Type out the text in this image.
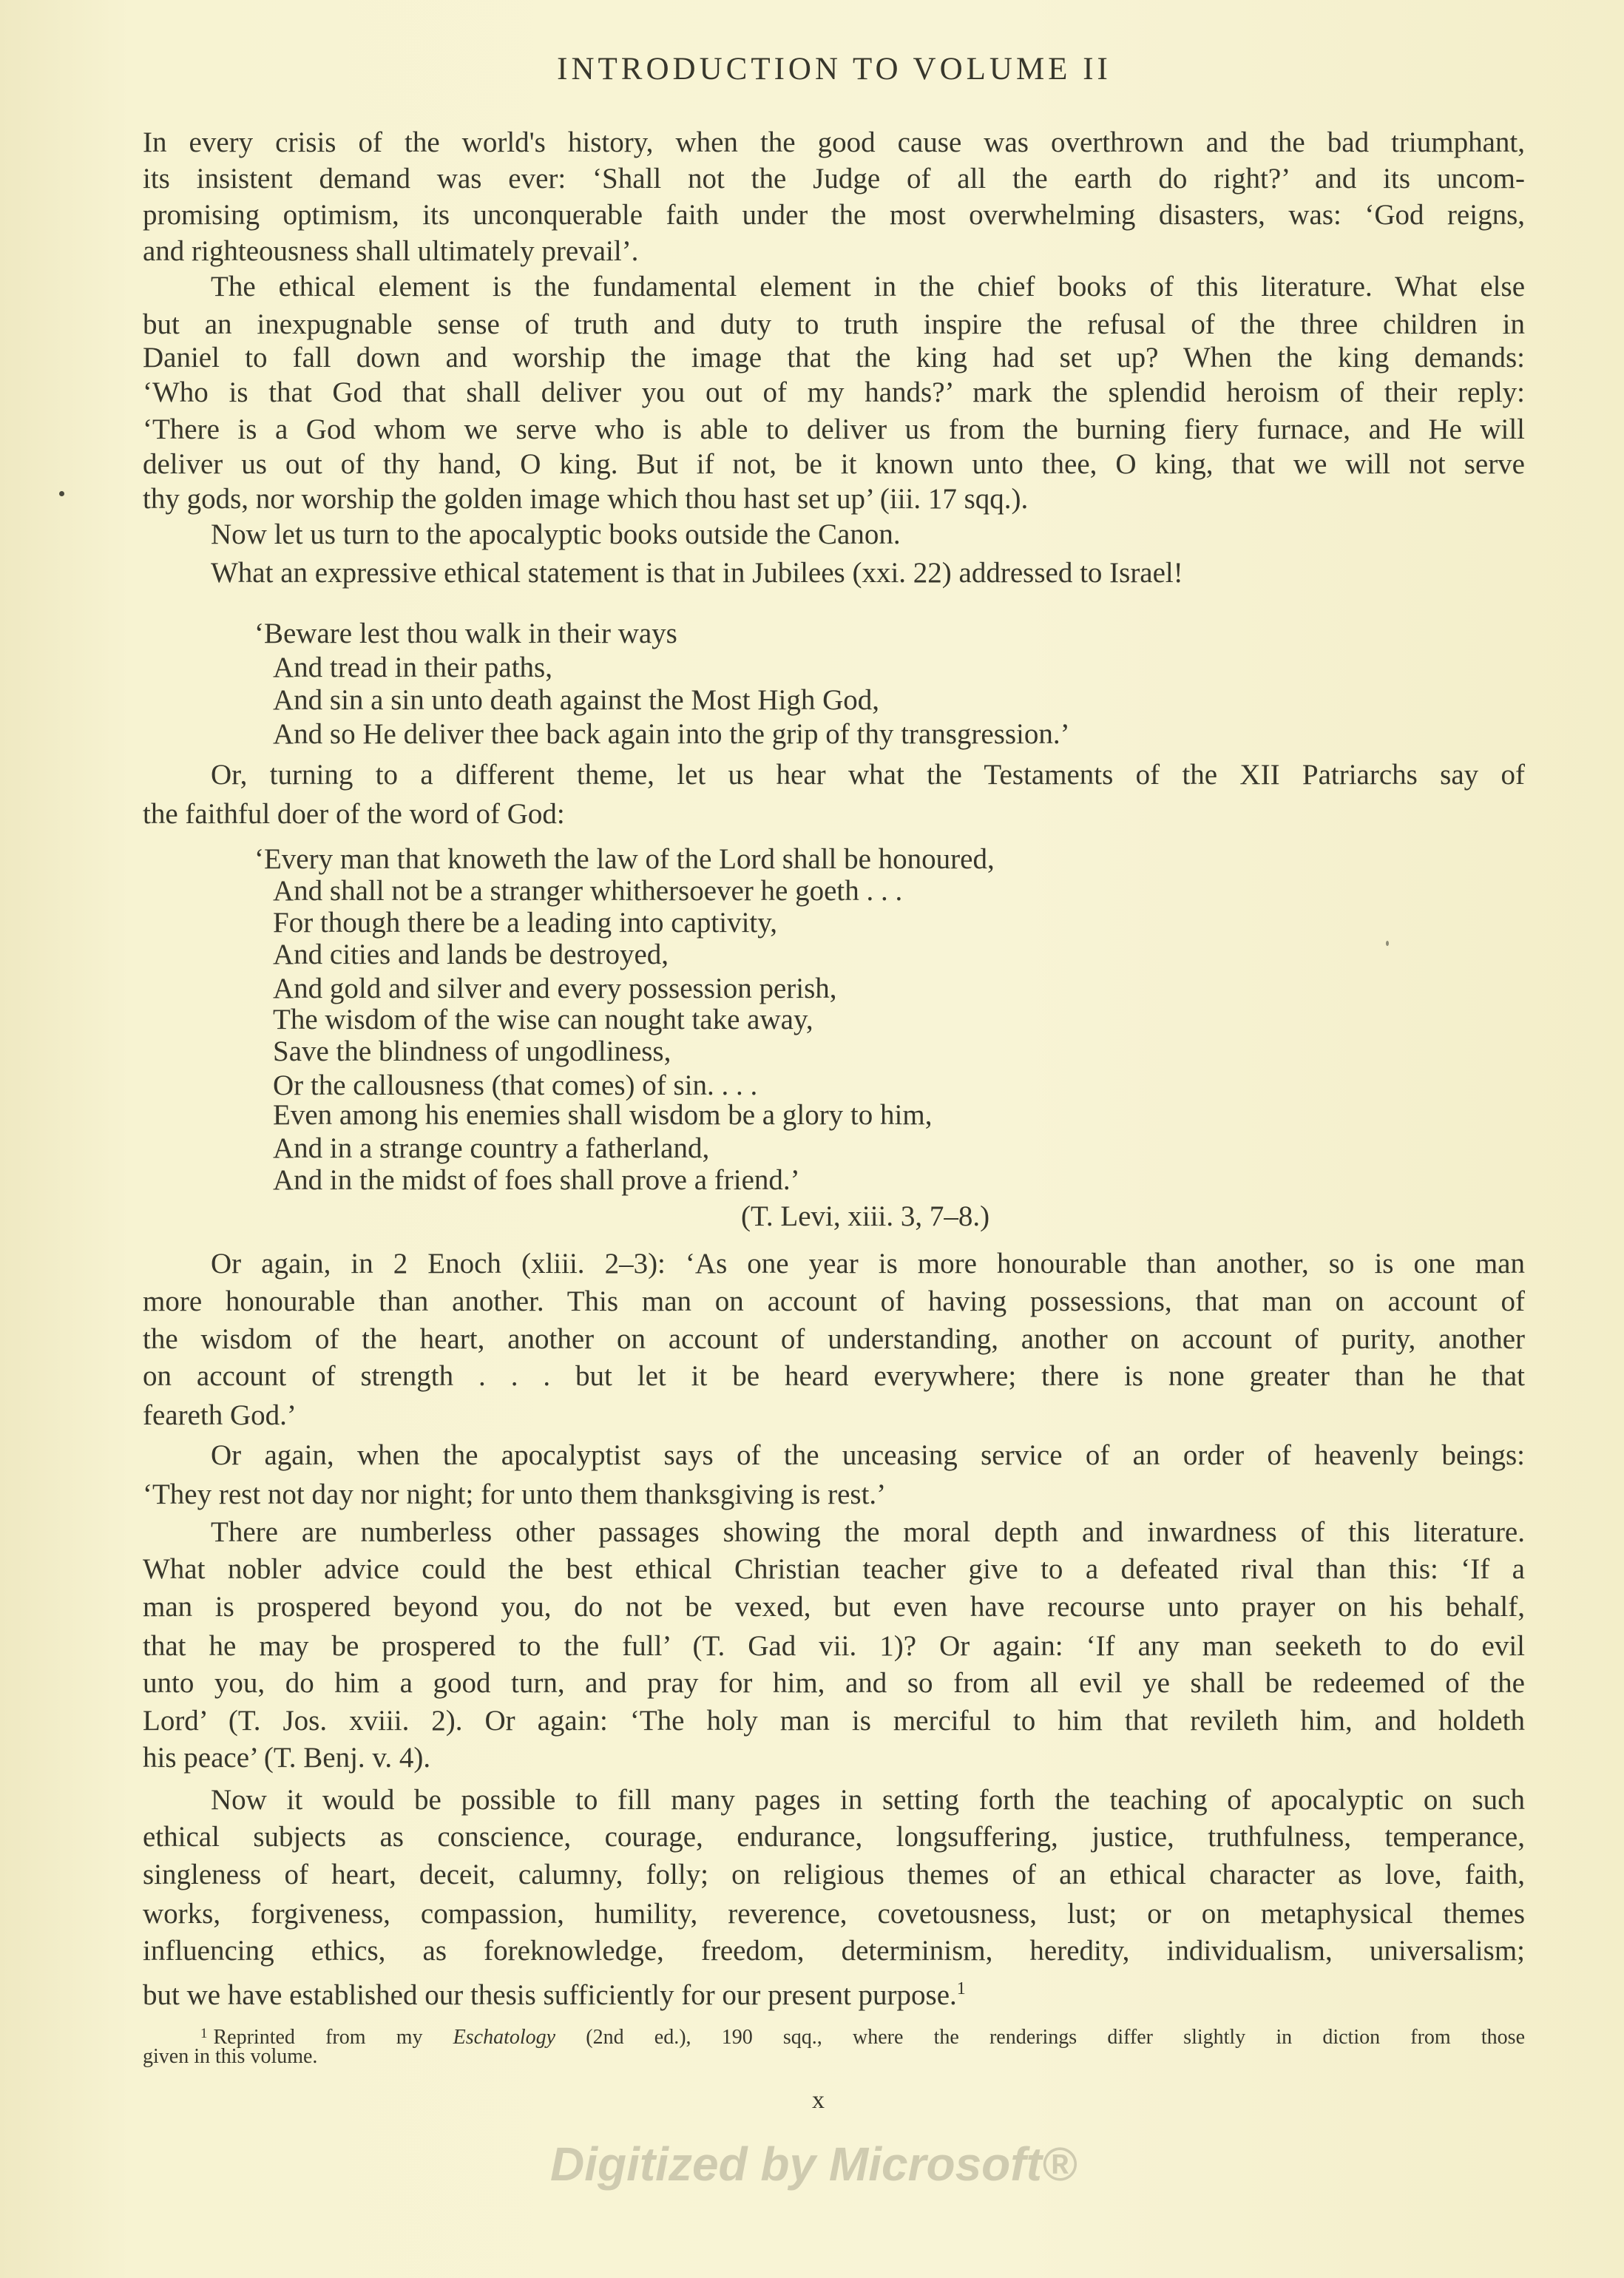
INTRODUCTION TO VOLUME II
In every crisis of the world's history, when the good cause was overthrown and the bad triumphant,
its insistent demand was ever: ‘Shall not the Judge of all the earth do right?’ and its uncom-
promising optimism, its unconquerable faith under the most overwhelming disasters, was: ‘God reigns,
and righteousness shall ultimately prevail’.
The ethical element is the fundamental element in the chief books of this literature. What else
but an inexpugnable sense of truth and duty to truth inspire the refusal of the three children in
Daniel to fall down and worship the image that the king had set up? When the king demands:
‘Who is that God that shall deliver you out of my hands?’ mark the splendid heroism of their reply:
‘There is a God whom we serve who is able to deliver us from the burning fiery furnace, and He will
deliver us out of thy hand, O king. But if not, be it known unto thee, O king, that we will not serve
thy gods, nor worship the golden image which thou hast set up’ (iii. 17 sqq.).
Now let us turn to the apocalyptic books outside the Canon.
What an expressive ethical statement is that in Jubilees (xxi. 22) addressed to Israel!
‘Beware lest thou walk in their ways
And tread in their paths,
And sin a sin unto death against the Most High God,
And so He deliver thee back again into the grip of thy transgression.’
Or, turning to a different theme, let us hear what the Testaments of the XII Patriarchs say of
the faithful doer of the word of God:
‘Every man that knoweth the law of the Lord shall be honoured,
And shall not be a stranger whithersoever he goeth . . .
For though there be a leading into captivity,
And cities and lands be destroyed,
And gold and silver and every possession perish,
The wisdom of the wise can nought take away,
Save the blindness of ungodliness,
Or the callousness (that comes) of sin. . . .
Even among his enemies shall wisdom be a glory to him,
And in a strange country a fatherland,
And in the midst of foes shall prove a friend.’
(T. Levi, xiii. 3, 7–8.)
Or again, in 2 Enoch (xliii. 2–3): ‘As one year is more honourable than another, so is one man
more honourable than another. This man on account of having possessions, that man on account of
the wisdom of the heart, another on account of understanding, another on account of purity, another
on account of strength . . . but let it be heard everywhere; there is none greater than he that
feareth God.’
Or again, when the apocalyptist says of the unceasing service of an order of heavenly beings:
‘They rest not day nor night; for unto them thanksgiving is rest.’
There are numberless other passages showing the moral depth and inwardness of this literature.
What nobler advice could the best ethical Christian teacher give to a defeated rival than this: ‘If a
man is prospered beyond you, do not be vexed, but even have recourse unto prayer on his behalf,
that he may be prospered to the full’ (T. Gad vii. 1)? Or again: ‘If any man seeketh to do evil
unto you, do him a good turn, and pray for him, and so from all evil ye shall be redeemed of the
Lord’ (T. Jos. xviii. 2). Or again: ‘The holy man is merciful to him that revileth him, and holdeth
his peace’ (T. Benj. v. 4).
Now it would be possible to fill many pages in setting forth the teaching of apocalyptic on such
ethical subjects as conscience, courage, endurance, longsuffering, justice, truthfulness, temperance,
singleness of heart, deceit, calumny, folly; on religious themes of an ethical character as love, faith,
works, forgiveness, compassion, humility, reverence, covetousness, lust; or on metaphysical themes
influencing ethics, as foreknowledge, freedom, determinism, heredity, individualism, universalism;
but we have established our thesis sufficiently for our present purpose.$^1$
$^1$ Reprinted from my Eschatology (2nd ed.), 190 sqq., where the renderings differ slightly in diction from those
given in this volume.
x
Digitized by Microsoft®
